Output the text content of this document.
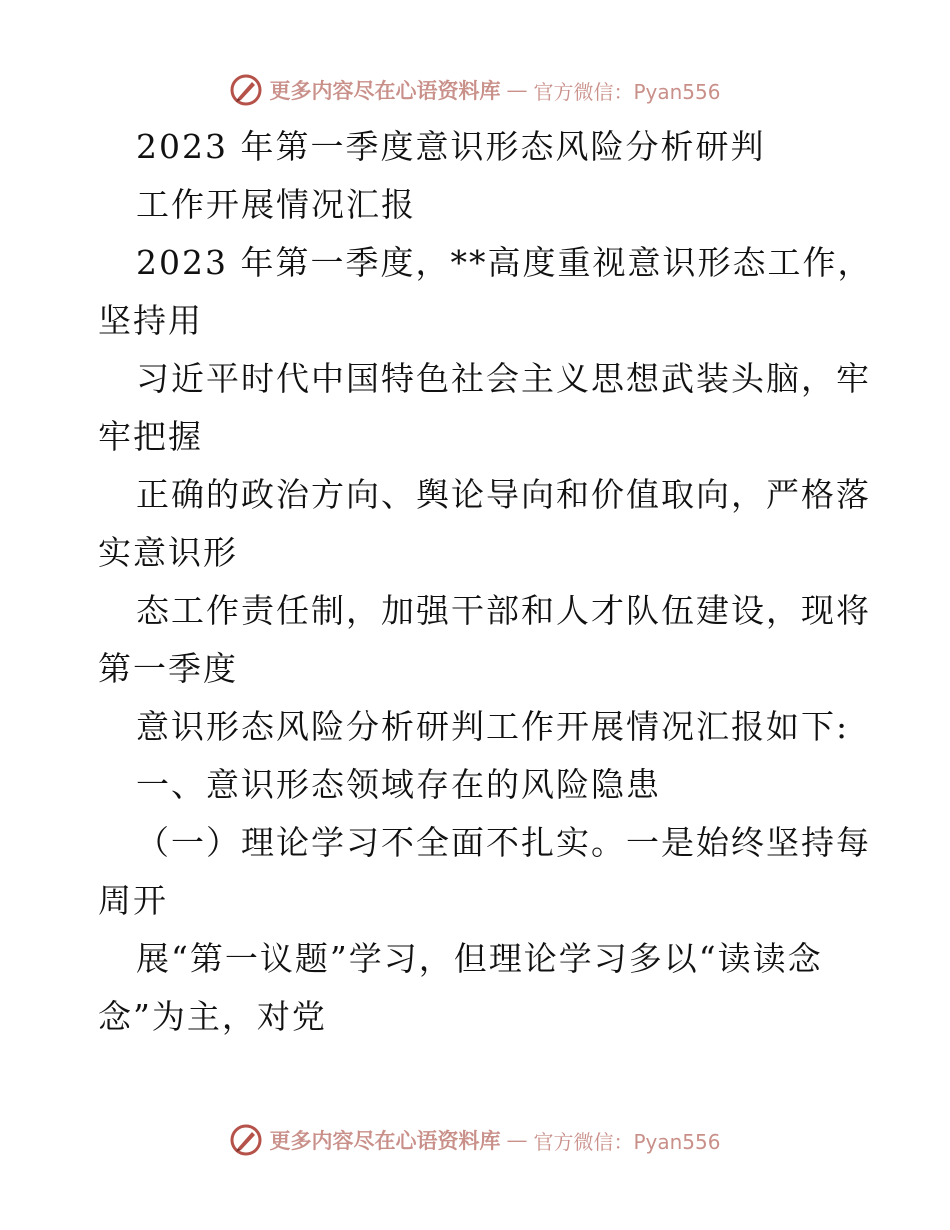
更多内容尽在心语资料库 — 官方微信：Pyan556
2023 年第一季度意识形态风险分析研判
工作开展情况汇报
2023 年第一季度，**高度重视意识形态工作，
坚持用
习近平时代中国特色社会主义思想武装头脑，牢
牢把握
正确的政治方向、舆论导向和价值取向，严格落
实意识形
态工作责任制，加强干部和人才队伍建设，现将
第一季度
意识形态风险分析研判工作开展情况汇报如下:
一、意识形态领域存在的风险隐患
（一）理论学习不全面不扎实。一是始终坚持每
周开
展“第一议题”学习，但理论学习多以“读读念
念”为主，对党
更多内容尽在心语资料库 — 官方微信：Pyan556
